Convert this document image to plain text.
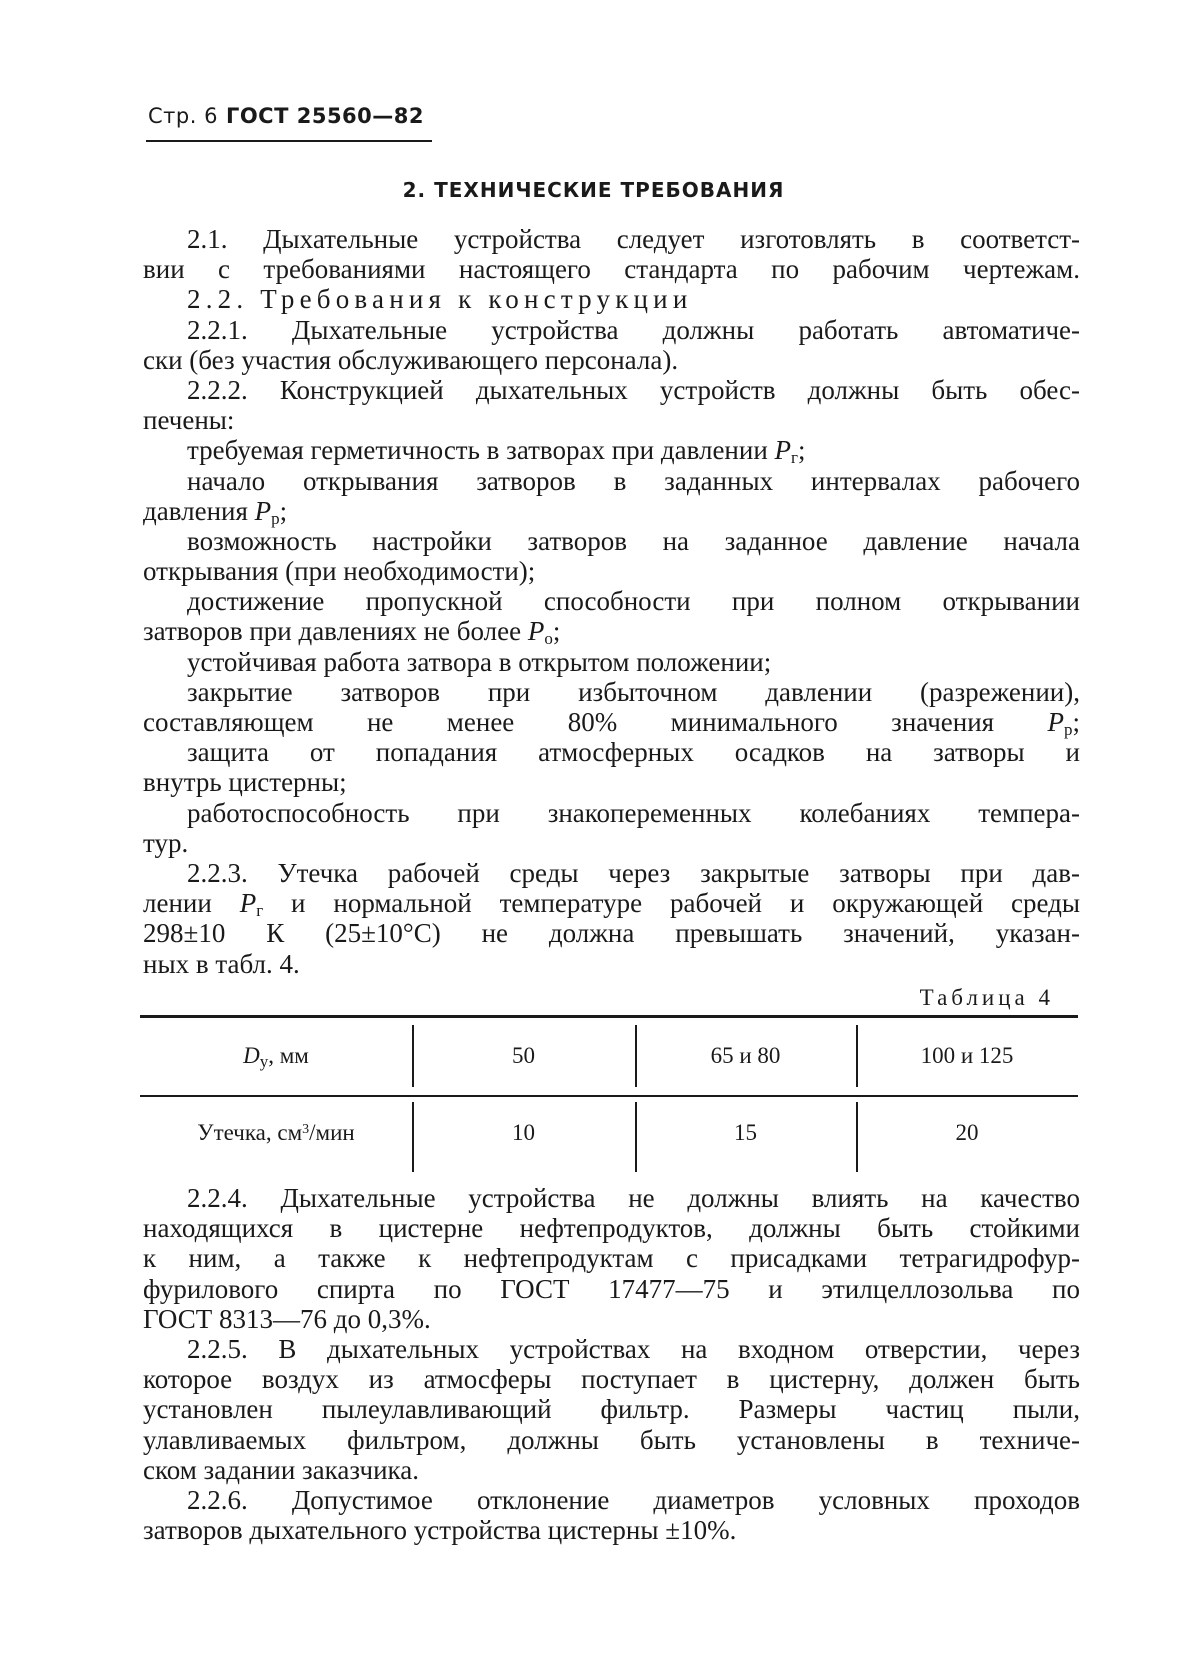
Стр. 6 ГОСТ 25560—82
2. ТЕХНИЧЕСКИЕ ТРЕБОВАНИЯ
2.1. Дыхательные устройства следует изготовлять в соответст-
вии с требованиями настоящего стандарта по рабочим чертежам.
2.2. Требования к конструкции
2.2.1. Дыхательные устройства должны работать автоматиче-
ски (без участия обслуживающего персонала).
2.2.2. Конструкцией дыхательных устройств должны быть обес-
печены:
требуемая герметичность в затворах при давлении $P_г$;
начало открывания затворов в заданных интервалах рабочего
давления $P_р$;
возможность настройки затворов на заданное давление начала
открывания (при необходимости);
достижение пропускной способности при полном открывании
затворов при давлениях не более $P_о$;
устойчивая работа затвора в открытом положении;
закрытие затворов при избыточном давлении (разрежении),
составляющем не менее 80% минимального значения $P_р$;
защита от попадания атмосферных осадков на затворы и
внутрь цистерны;
работоспособность при знакопеременных колебаниях темпера-
тур.
2.2.3. Утечка рабочей среды через закрытые затворы при дав-
лении $P_г$ и нормальной температуре рабочей и окружающей среды
298±10 К (25±10°С) не должна превышать значений, указан-
ных в табл. 4.
Таблица 4
$D_у$, мм	50	65 и 80	100 и 125
Утечка, $см^3$/мин	10	15	20
2.2.4. Дыхательные устройства не должны влиять на качество
находящихся в цистерне нефтепродуктов, должны быть стойкими
к ним, а также к нефтепродуктам с присадками тетрагидрофур-
фурилового спирта по ГОСТ 17477—75 и этилцеллозольва по
ГОСТ 8313—76 до 0,3%.
2.2.5. В дыхательных устройствах на входном отверстии, через
которое воздух из атмосферы поступает в цистерну, должен быть
установлен пылеулавливающий фильтр. Размеры частиц пыли,
улавливаемых фильтром, должны быть установлены в техниче-
ском задании заказчика.
2.2.6. Допустимое отклонение диаметров условных проходов
затворов дыхательного устройства цистерны ±10%.
